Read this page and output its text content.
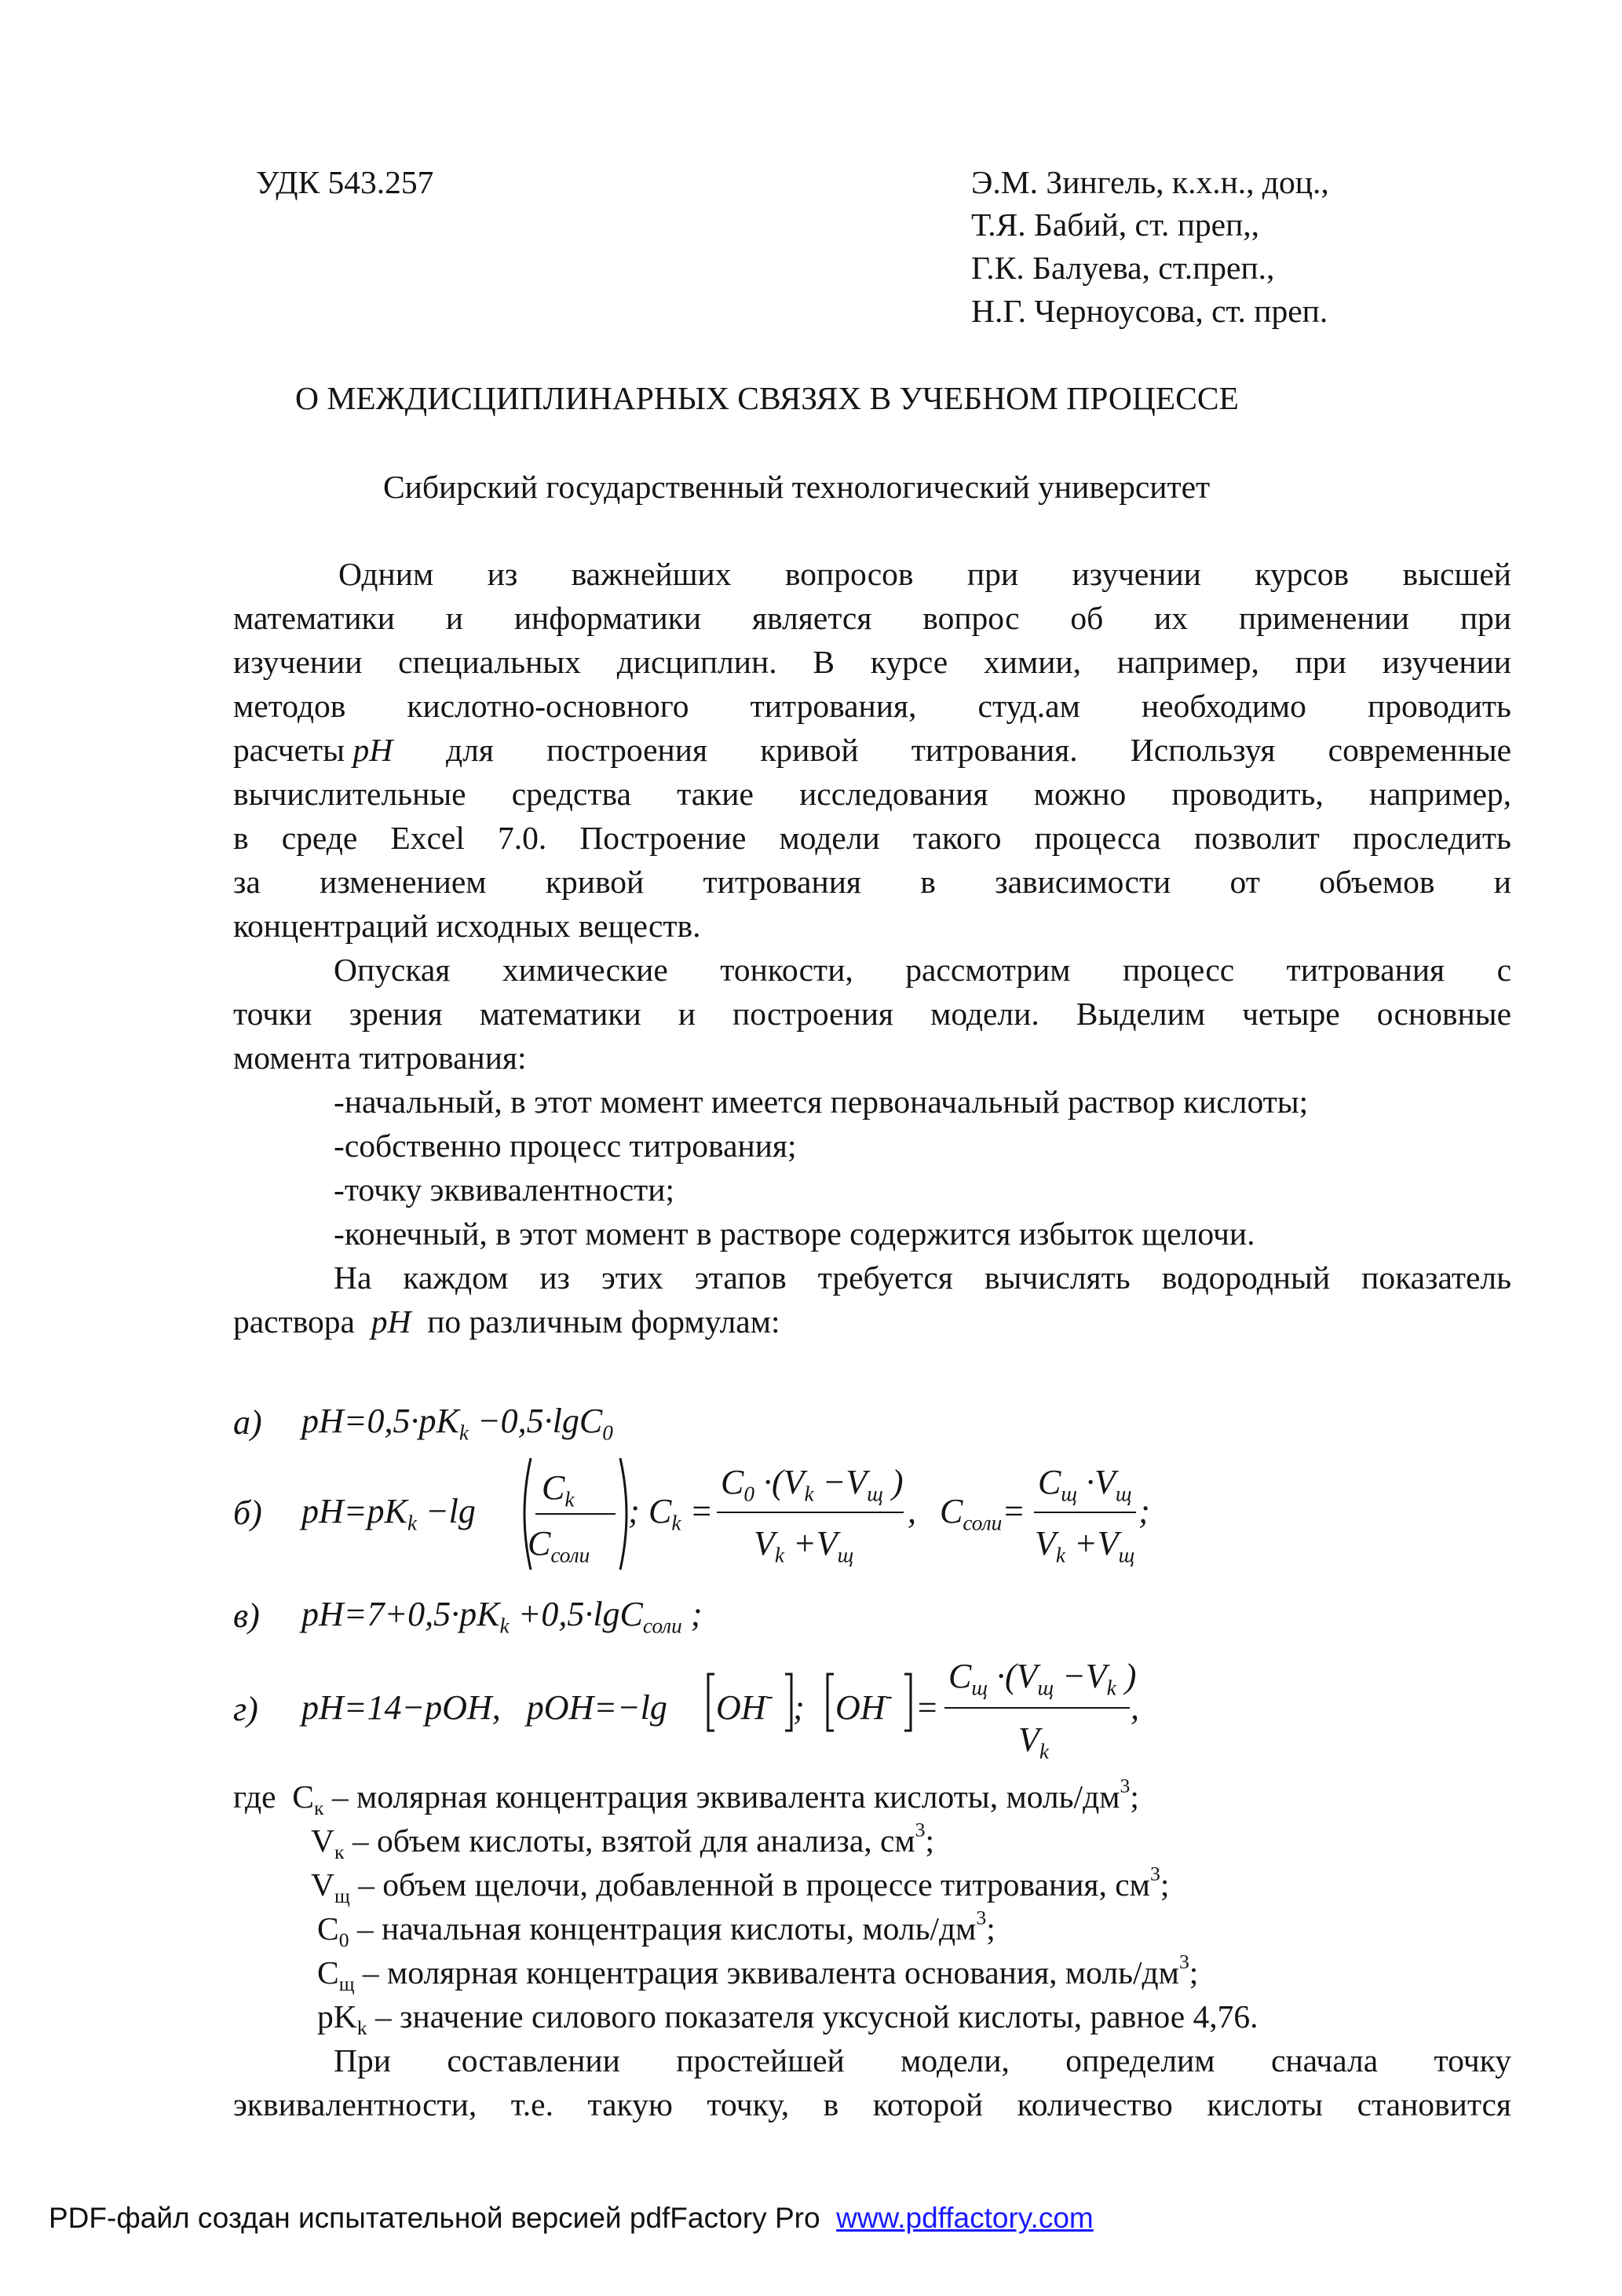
УДК 543.257	Э.М. Зингель, к.х.н., доц.,
Т.Я. Бабий, ст. преп,,
Г.К. Балуева, ст.преп.,
Н.Г. Черноусова, ст. преп.
О МЕЖДИСЦИПЛИНАРНЫХ СВЯЗЯХ В УЧЕБНОМ ПРОЦЕССЕ
Сибирский государственный технологический университет
Одним из важнейших вопросов при изучении курсов высшей
математики и информатики является вопрос об их применении при
изучении специальных дисциплин. В курсе химии, например, при изучении
методов кислотно-основного титрования, студ.ам необходимо проводить
расчеты pH для построения кривой титрования. Используя современные
вычислительные средства такие исследования можно проводить, например,
в среде Excel 7.0. Построение модели такого процесса позволит проследить
за изменением кривой титрования в зависимости от объемов и
концентраций исходных веществ.
Опуская химические тонкости, рассмотрим процесс титрования с
точки зрения математики и построения модели. Выделим четыре основные
момента титрования:
-начальный, в этот момент имеется первоначальный раствор кислоты;
-собственно процесс титрования;
-точку эквивалентности;
-конечный, в этот момент в растворе содержится избыток щелочи.
На каждом из этих этапов требуется вычислять водородный показатель
раствора pH по различным формулам:
а) $pH=0,5\cdot pK_k -0,5\cdot\lg C_0$
б) $pH=pK_k -\lg$
$C_k$
$C_{соли}$
; $C_k$ =
$C_0 \cdot(V_k -V_щ$ )
$V_k +V_щ$
, $C_{соли}=$
$C_щ \cdot V_щ$
$V_k +V_щ$
;
в) $pH=7+0,5\cdot pK_k +0,5\cdot\lg C_{соли}$ ;
г) pH=14−pOH,   pOH=−lg OH- ; OH- =
$C_щ \cdot(V_щ -V_k$ )
$V_k$
,
где $С_к$ – молярная концентрация эквивалента кислоты, моль/$дм^3$;
$V_к$ – объем кислоты, взятой для анализа, $см^3$;
$V_щ$ – объем щелочи, добавленной в процессе титрования, $см^3$;
$С_0$ – начальная концентрация кислоты, моль/$дм^3$;
$С_щ$ – молярная концентрация эквивалента основания, моль/$дм^3$;
$pK_k$ – значение силового показателя уксусной кислоты, равное 4,76.
При составлении простейшей модели, определим сначала точку
эквивалентности, т.е. такую точку, в которой количество кислоты становится
PDF-файл создан испытательной версией pdfFactory Pro www.pdffactory.com
